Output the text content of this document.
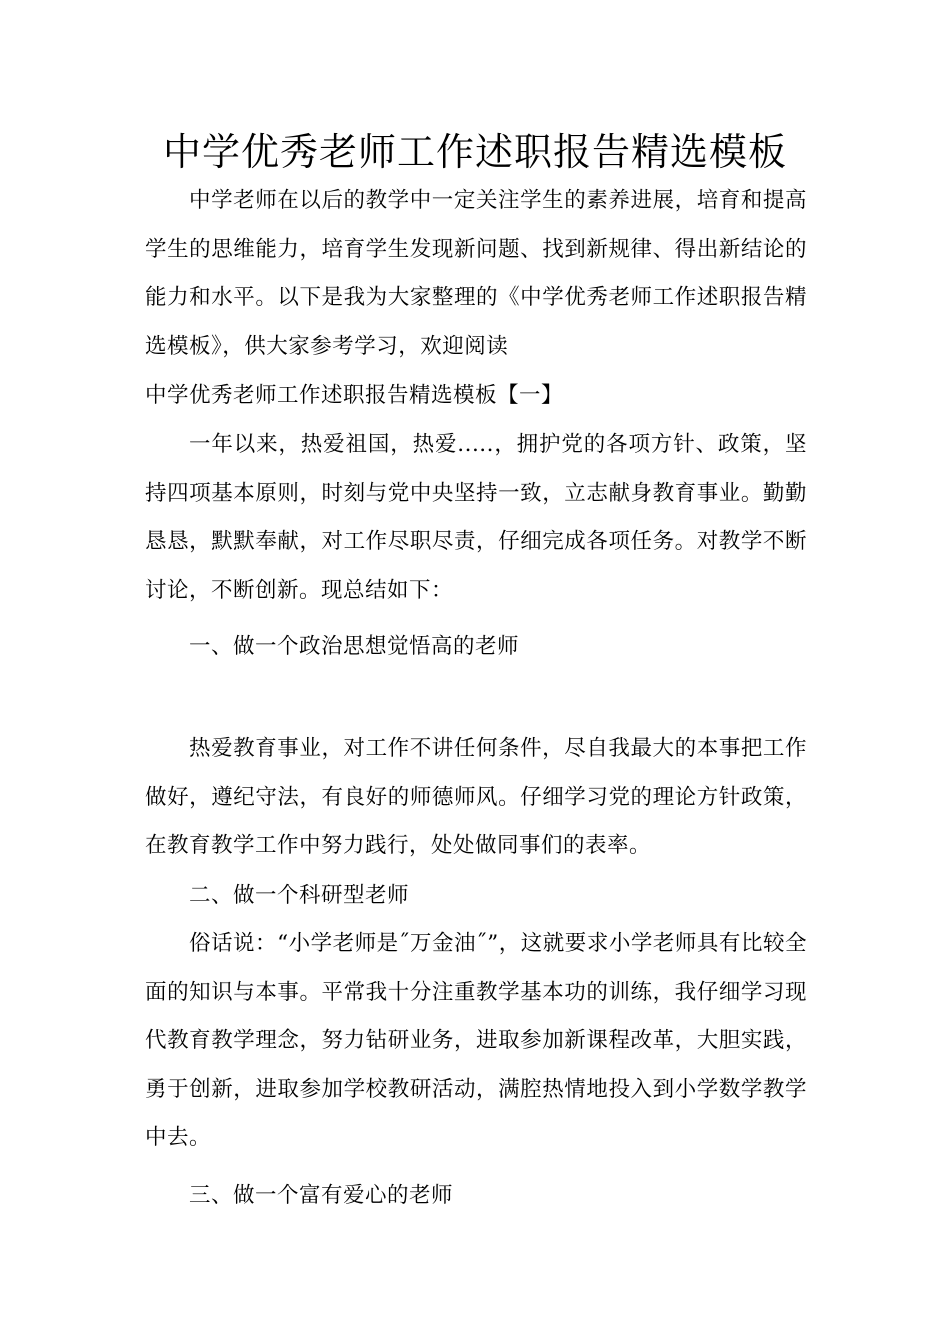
中学优秀老师工作述职报告精选模板

中学老师在以后的教学中一定关注学生的素养进展，培育和提高学生的思维能力，培育学生发现新问题、找到新规律、得出新结论的能力和水平。以下是我为大家整理的《中学优秀老师工作述职报告精选模板》，供大家参考学习，欢迎阅读

中学优秀老师工作述职报告精选模板【一】

一年以来，热爱祖国，热爱.....，拥护党的各项方针、政策，坚持四项基本原则，时刻与党中央坚持一致，立志献身教育事业。勤勤恳恳，默默奉献，对工作尽职尽责，仔细完成各项任务。对教学不断讨论，不断创新。现总结如下：

一、做一个政治思想觉悟高的老师

热爱教育事业，对工作不讲任何条件，尽自我最大的本事把工作做好，遵纪守法，有良好的师德师风。仔细学习党的理论方针政策，在教育教学工作中努力践行，处处做同事们的表率。

二、做一个科研型老师

俗话说：“小学老师是˝万金油˝”，这就要求小学老师具有比较全面的知识与本事。平常我十分注重教学基本功的训练，我仔细学习现代教育教学理念，努力钻研业务，进取参加新课程改革，大胆实践，勇于创新，进取参加学校教研活动，满腔热情地投入到小学数学教学中去。

三、做一个富有爱心的老师
